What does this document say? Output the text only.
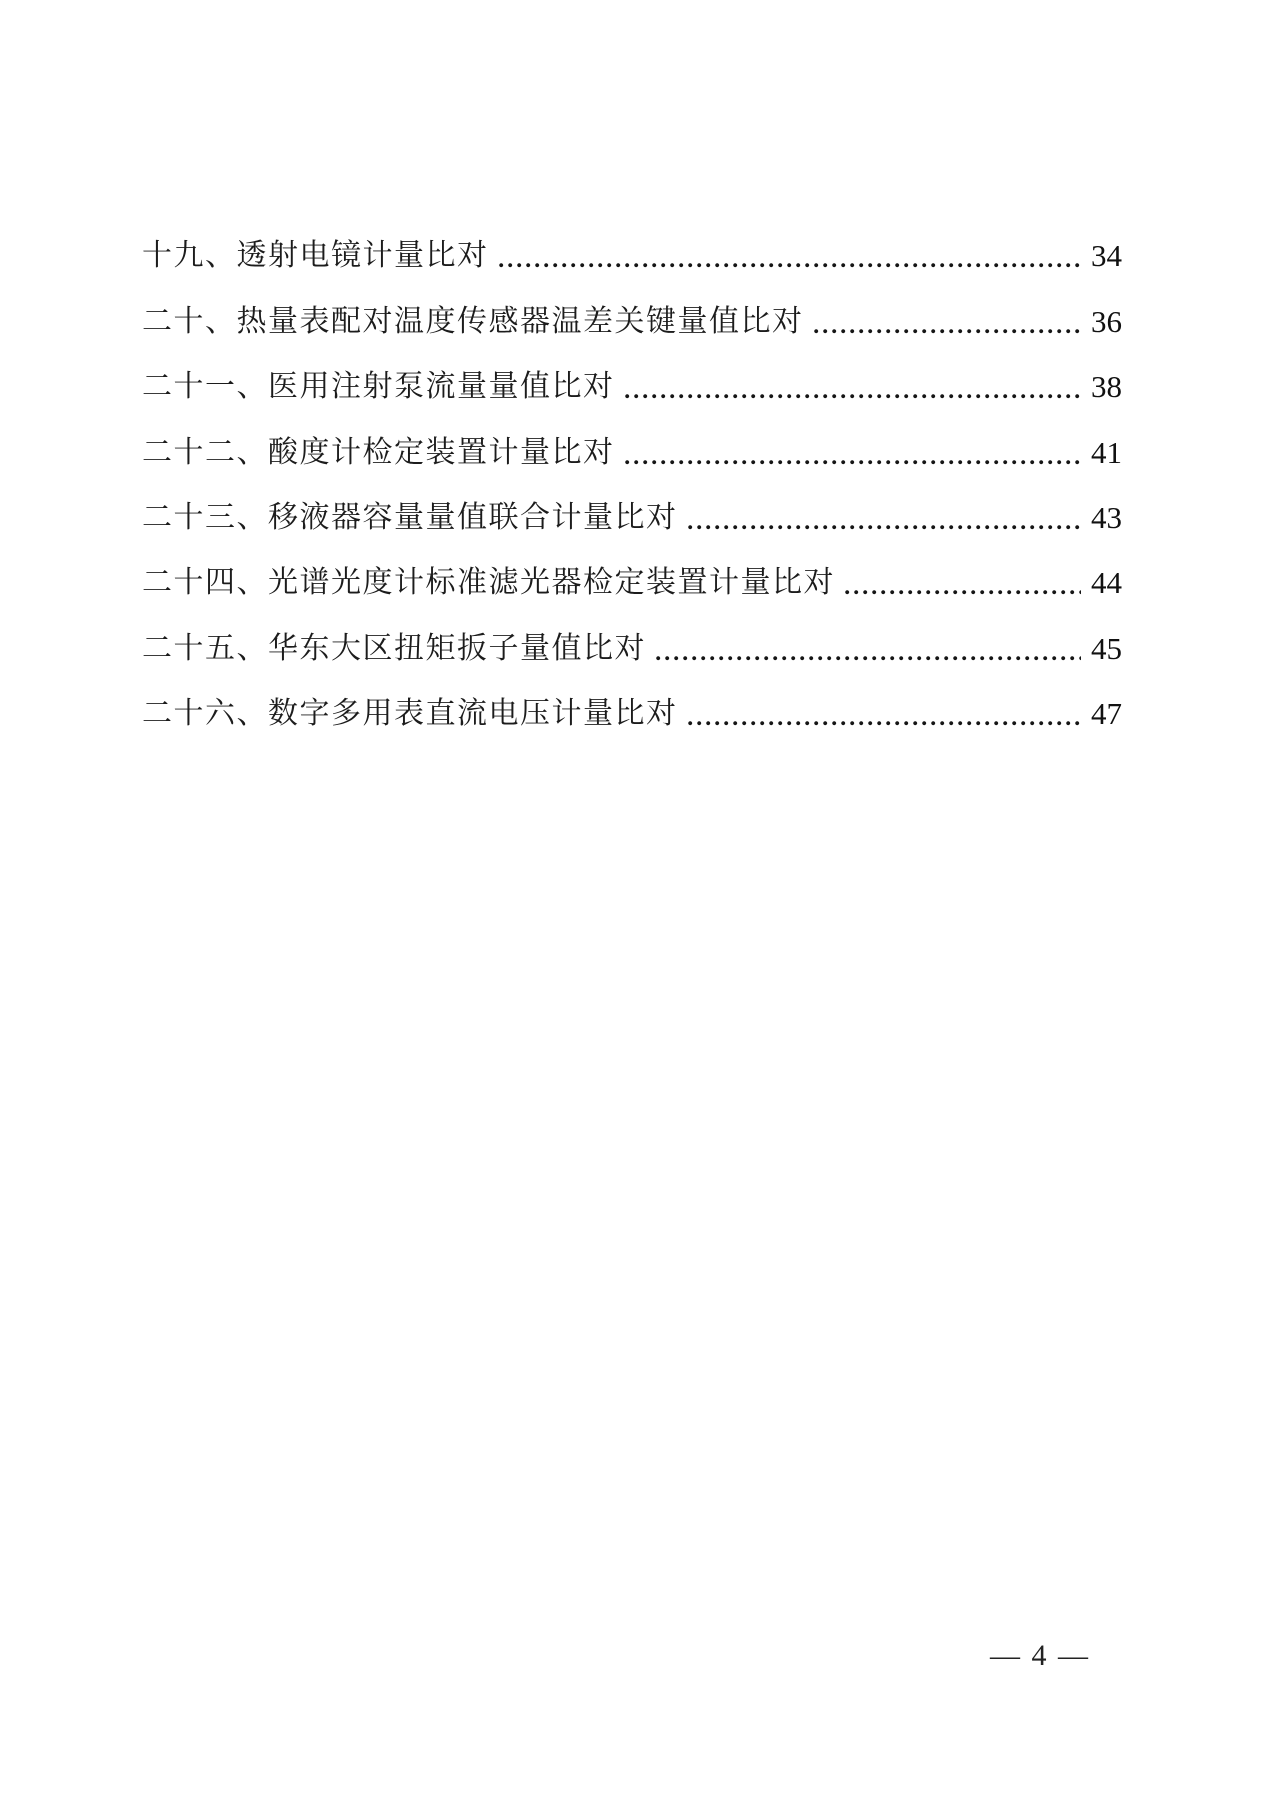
十九、透射电镜计量比对	34
二十、热量表配对温度传感器温差关键量值比对	36
二十一、医用注射泵流量量值比对	38
二十二、酸度计检定装置计量比对	41
二十三、移液器容量量值联合计量比对	43
二十四、光谱光度计标准滤光器检定装置计量比对	44
二十五、华东大区扭矩扳子量值比对	45
二十六、数字多用表直流电压计量比对	47
— 4 —
